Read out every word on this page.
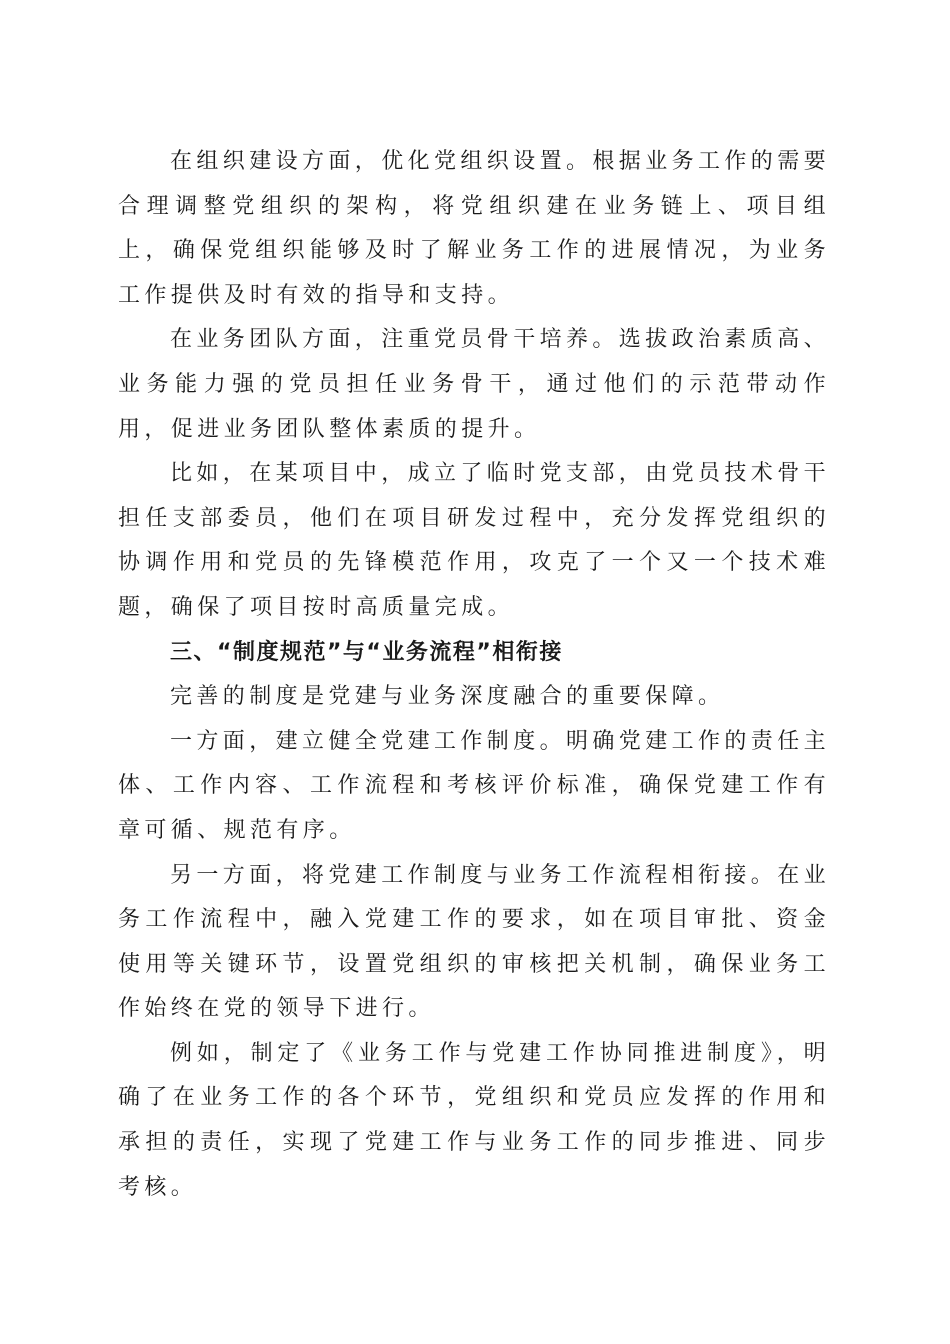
在组织建设方面，优化党组织设置。根据业务工作的需要合理调整党组织的架构，将党组织建在业务链上、项目组上，确保党组织能够及时了解业务工作的进展情况，为业务工作提供及时有效的指导和支持。

在业务团队方面，注重党员骨干培养。选拔政治素质高、业务能力强的党员担任业务骨干，通过他们的示范带动作用，促进业务团队整体素质的提升。

比如，在某项目中，成立了临时党支部，由党员技术骨干担任支部委员，他们在项目研发过程中，充分发挥党组织的协调作用和党员的先锋模范作用，攻克了一个又一个技术难题，确保了项目按时高质量完成。

三、“制度规范”与“业务流程”相衔接

完善的制度是党建与业务深度融合的重要保障。

一方面，建立健全党建工作制度。明确党建工作的责任主体、工作内容、工作流程和考核评价标准，确保党建工作有章可循、规范有序。

另一方面，将党建工作制度与业务工作流程相衔接。在业务工作流程中，融入党建工作的要求，如在项目审批、资金使用等关键环节，设置党组织的审核把关机制，确保业务工作始终在党的领导下进行。

例如，制定了《业务工作与党建工作协同推进制度》，明确了在业务工作的各个环节，党组织和党员应发挥的作用和承担的责任，实现了党建工作与业务工作的同步推进、同步考核。
